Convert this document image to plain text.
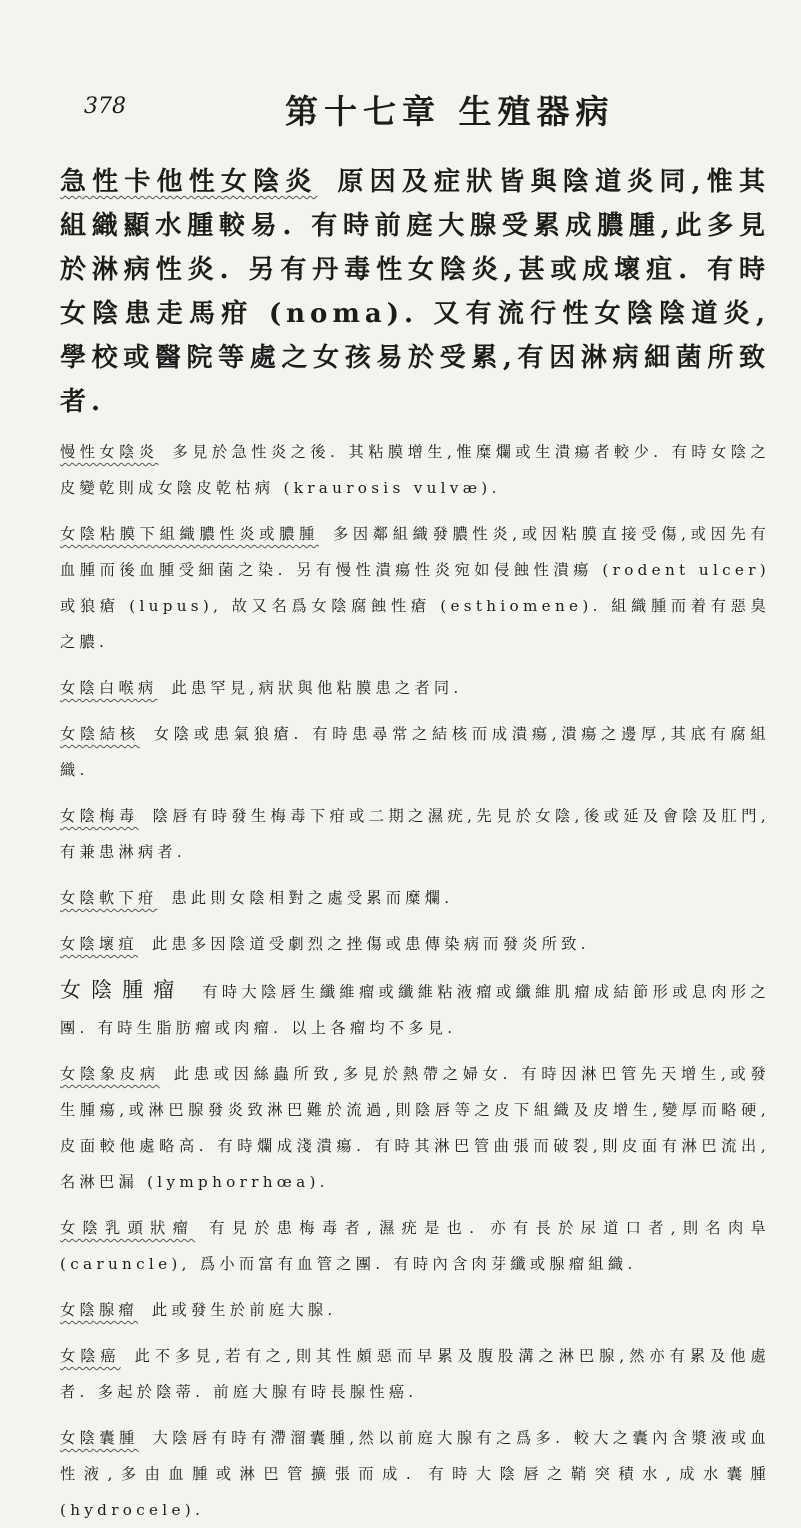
378	第十七章 生殖器病

急性卡他性女陰炎 原因及症狀皆與陰道炎同,惟其組織顯水腫較易. 有時前庭大腺受累成膿腫,此多見於淋病性炎. 另有丹毒性女陰炎,甚或成壞疽. 有時女陰患走馬疳 (noma). 又有流行性女陰陰道炎,學校或醫院等處之女孩易於受累,有因淋病細菌所致者.

慢性女陰炎 多見於急性炎之後. 其粘膜增生,惟糜爛或生潰瘍者較少. 有時女陰之皮變乾則成女陰皮乾枯病 (kraurosis vulvæ).

女陰粘膜下組織膿性炎或膿腫 多因鄰組織發膿性炎,或因粘膜直接受傷,或因先有血腫而後血腫受細菌之染. 另有慢性潰瘍性炎宛如侵蝕性潰瘍 (rodent ulcer) 或狼瘡 (lupus), 故又名爲女陰腐蝕性瘡 (esthiomene). 組織腫而着有惡臭之膿.

女陰白喉病 此患罕見,病狀與他粘膜患之者同.

女陰結核 女陰或患氣狼瘡. 有時患尋常之結核而成潰瘍,潰瘍之邊厚,其底有腐組織.

女陰梅毒 陰唇有時發生梅毒下疳或二期之濕疣,先見於女陰,後或延及會陰及肛門,有兼患淋病者.

女陰軟下疳 患此則女陰相對之處受累而糜爛.

女陰壞疽 此患多因陰道受劇烈之挫傷或患傳染病而發炎所致.

女陰腫瘤 有時大陰唇生纖維瘤或纖維粘液瘤或纖維肌瘤成結節形或息肉形之團. 有時生脂肪瘤或肉瘤. 以上各瘤均不多見.

女陰象皮病 此患或因絲蟲所致,多見於熱帶之婦女. 有時因淋巴管先天增生,或發生腫瘍,或淋巴腺發炎致淋巴難於流過,則陰唇等之皮下組織及皮增生,變厚而略硬,皮面較他處略高. 有時爛成淺潰瘍. 有時其淋巴管曲張而破裂,則皮面有淋巴流出,名淋巴漏 (lymphorrhœa).

女陰乳頭狀瘤 有見於患梅毒者,濕疣是也. 亦有長於尿道口者,則名肉阜 (caruncle), 爲小而富有血管之團. 有時內含肉芽纖或腺瘤組織.

女陰腺瘤 此或發生於前庭大腺.

女陰癌 此不多見,若有之,則其性頗惡而早累及腹股溝之淋巴腺,然亦有累及他處者. 多起於陰蒂. 前庭大腺有時長腺性癌.

女陰囊腫 大陰唇有時有滯溜囊腫,然以前庭大腺有之爲多. 較大之囊內含漿液或血性液,多由血腫或淋巴管擴張而成. 有時大陰唇之鞘突積水,成水囊腫 (hydrocele).
